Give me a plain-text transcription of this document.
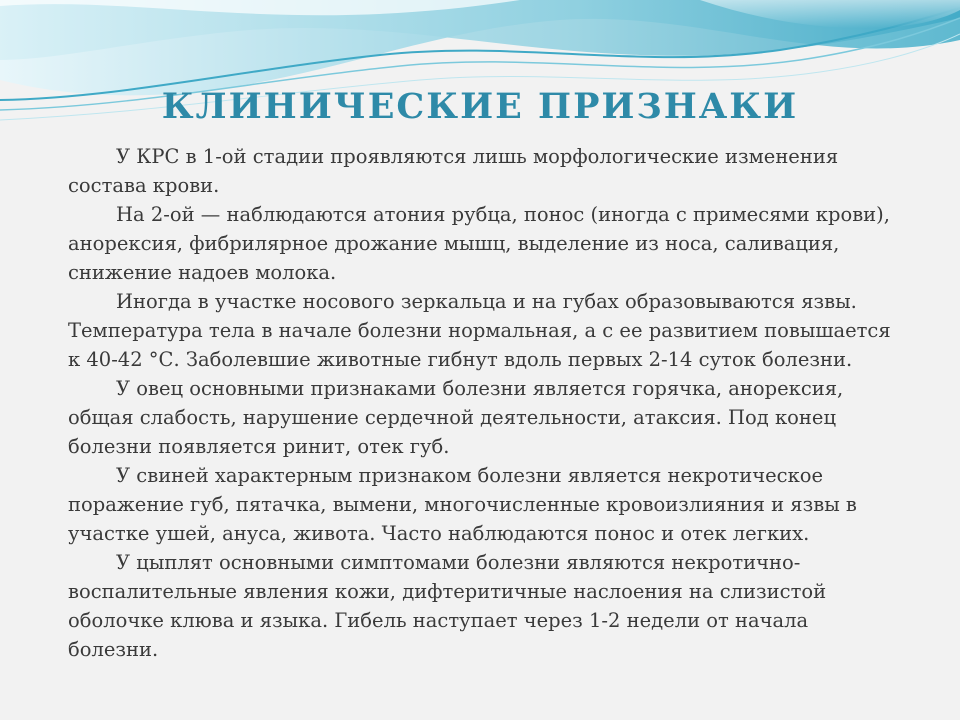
КЛИНИЧЕСКИЕ ПРИЗНАКИ

У КРС в 1-ой стадии проявляются лишь морфологические изменения состава крови.

На 2-ой — наблюдаются атония рубца, понос (иногда с примесями крови), анорексия, фибрилярное дрожание мышц, выделение из носа, саливация, снижение надоев молока.

Иногда в участке носового зеркальца и на губах образовываются язвы. Температура тела в начале болезни нормальная, а с ее развитием повышается к 40-42 °С. Заболевшие животные гибнут вдоль первых 2-14 суток болезни.

У овец основными признаками болезни является горячка, анорексия, общая слабость, нарушение сердечной деятельности, атаксия. Под конец болезни появляется ринит, отек губ.

У свиней характерным признаком болезни является некротическое поражение губ, пятачка, вымени, многочисленные кровоизлияния и язвы в участке ушей, ануса, живота. Часто наблюдаются понос и отек легких.

У цыплят основными симптомами болезни являются некротично-воспалительные явления кожи, дифтеритичные наслоения на слизистой оболочке клюва и языка. Гибель наступает через 1-2 недели от начала болезни.
